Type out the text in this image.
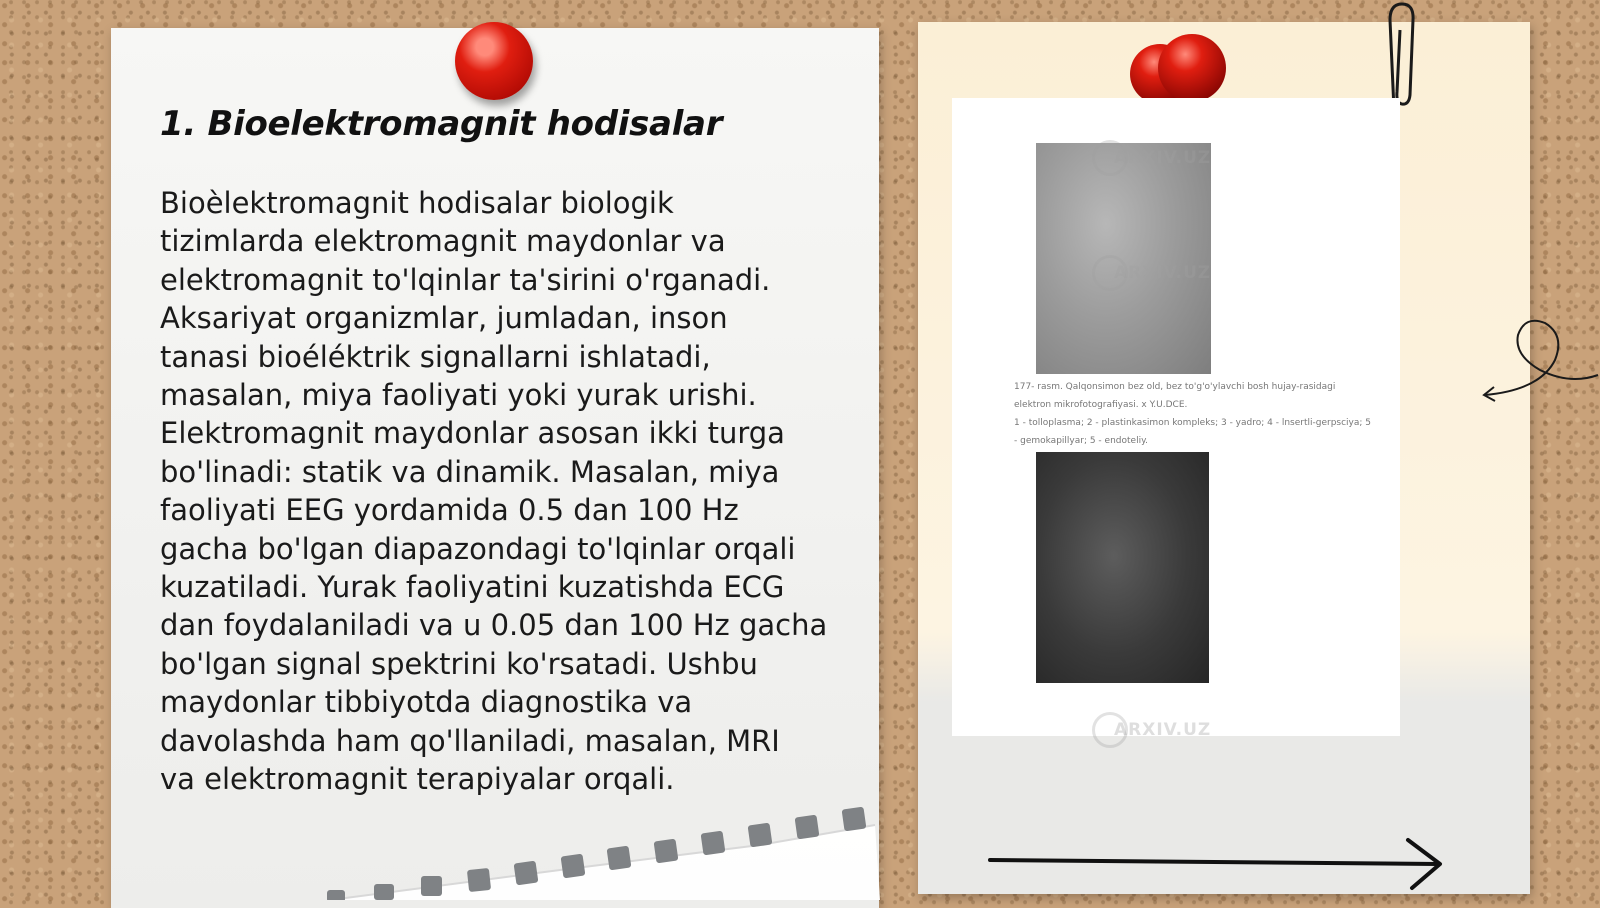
1. Bioelektromagnit hodisalar

Bioèlektromagnit hodisalar biologik
tizimlarda elektromagnit maydonlar va
elektromagnit to'lqinlar ta'sirini o'rganadi.
Aksariyat organizmlar, jumladan, inson
tanasi bioéléktrik signallarni ishlatadi,
masalan, miya faoliyati yoki yurak urishi.
Elektromagnit maydonlar asosan ikki turga
bo'linadi: statik va dinamik. Masalan, miya
faoliyati EEG yordamida 0.5 dan 100 Hz
gacha bo'lgan diapazondagi to'lqinlar orqali
kuzatiladi. Yurak faoliyatini kuzatishda ECG
dan foydalaniladi va u 0.05 dan 100 Hz gacha
bo'lgan signal spektrini ko'rsatadi. Ushbu
maydonlar tibbiyotda diagnostika va
davolashda ham qo'llaniladi, masalan, MRI
va elektromagnit terapiyalar orqali.

177- rasm. Qalqonsimon bez old, bez to'g'o'ylavchi bosh hujay-rasidagi
elektron mikrofotografiyasi. x Y.U.DCE.
1 - tolloplasma; 2 - plastinkasimon kompleks; 3 - yadro; 4 - lnsertli-gerpsciya; 5
- gemokapillyar; 5 - endoteliy.
ARXIV.UZ
ARXIV.UZ
ARXIV.UZ
